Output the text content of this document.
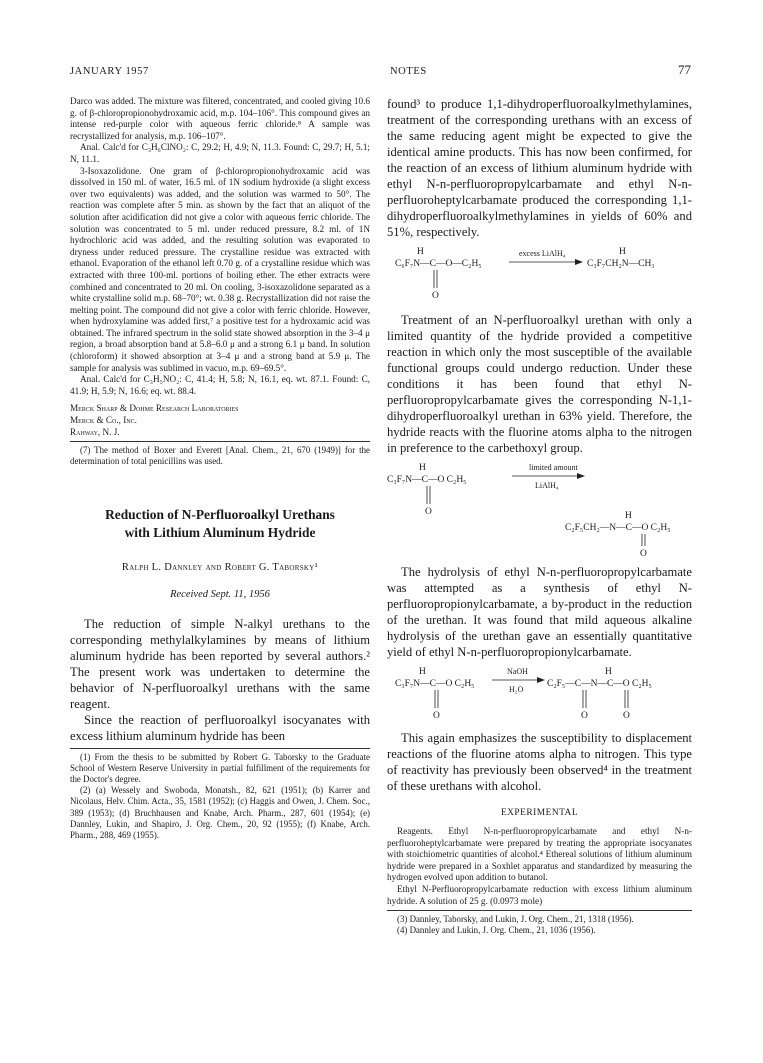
JANUARY 1957	NOTES	77

Darco was added. The mixture was filtered, concentrated, and cooled giving 10.6 g. of β-chloropropionohydroxamic acid, m.p. 104–106°. This compound gives an intense red-purple color with aqueous ferric chloride.⁸ A sample was recrystallized for analysis, m.p. 106–107°.

Anal. Calc'd for C₃H₆ClNO₂: C, 29.2; H, 4.9; N, 11.3. Found: C, 29.7; H, 5.1; N, 11.1.

3-Isoxazolidone. One gram of β-chloropropionohydroxamic acid was dissolved in 150 ml. of water, 16.5 ml. of 1N sodium hydroxide (a slight excess over two equivalents) was added, and the solution was warmed to 50°. The reaction was complete after 5 min. as shown by the fact that an aliquot of the solution after acidification did not give a color with aqueous ferric chloride. The solution was concentrated to 5 ml. under reduced pressure, 8.2 ml. of 1N hydrochloric acid was added, and the resulting solution was evaporated to dryness under reduced pressure. The crystalline residue was extracted with ethanol. Evaporation of the ethanol left 0.70 g. of a crystalline residue which was extracted with three 100-ml. portions of boiling ether. The ether extracts were combined and concentrated to 20 ml. On cooling, 3-isoxazolidone separated as a white crystalline solid m.p. 68–70°; wt. 0.38 g. Recrystallization did not raise the melting point. The compound did not give a color with ferric chloride. However, when hydroxylamine was added first,⁷ a positive test for a hydroxamic acid was obtained. The infrared spectrum in the solid state showed absorption in the 3–4 μ region, a broad absorption band at 5.8–6.0 μ and a strong 6.1 μ band. In solution (chloroform) it showed absorption at 3–4 μ and a strong band at 5.9 μ. The sample for analysis was sublimed in vacuo, m.p. 69–69.5°.

Anal. Calc'd for C₃H₅NO₂: C, 41.4; H, 5.8; N, 16.1, eq. wt. 87.1. Found: C, 41.9; H, 5.9; N, 16.6; eq. wt. 88.4.

Merck Sharp & Dohme Research Laboratories
Merck & Co., Inc.
Rahway, N. J.

(7) The method of Boxer and Everett [Anal. Chem., 21, 670 (1949)] for the determination of total penicillins was used.

Reduction of N-Perfluoroalkyl Urethans
with Lithium Aluminum Hydride
Ralph L. Dannley and Robert G. Taborsky¹
Received Sept. 11, 1956

The reduction of simple N-alkyl urethans to the corresponding methylalkylamines by means of lithium aluminum hydride has been reported by several authors.² The present work was undertaken to determine the behavior of N-perfluoroalkyl urethans with the same reagent.

Since the reaction of perfluoroalkyl isocyanates with excess lithium aluminum hydride has been

(1) From the thesis to be submitted by Robert G. Taborsky to the Graduate School of Western Reserve University in partial fulfillment of the requirements for the Doctor's degree.

(2) (a) Wessely and Swoboda, Monatsh., 82, 621 (1951); (b) Karrer and Nicolaus, Helv. Chim. Acta., 35, 1581 (1952); (c) Haggis and Owen, J. Chem. Soc., 389 (1953); (d) Bruchhausen and Knabe, Arch. Pharm., 287, 601 (1954); (e) Dannley, Lukin, and Shapiro, J. Org. Chem., 20, 92 (1955); (f) Knabe, Arch. Pharm., 288, 469 (1955).

found³ to produce 1,1-dihydroperfluoroalkylmethylamines, treatment of the corresponding urethans with an excess of the same reducing agent might be expected to give the identical amine products. This has now been confirmed, for the reaction of an excess of lithium aluminum hydride with ethyl N-n-perfluoropropylcarbamate and ethyl N-n-perfluoroheptylcarbamate produced the corresponding 1,1-dihydroperfluoroalkylmethylamines in yields of 60% and 51%, respectively.

H
C₆F₇N—C—O—C₂H₅
O
excess LiAlH₄	H
C₃F₇CH₂N—CH₃

Treatment of an N-perfluoroalkyl urethan with only a limited quantity of the hydride provided a competitive reaction in which only the most susceptible of the available functional groups could undergo reduction. Under these conditions it has been found that ethyl N-perfluoropropylcarbamate gives the corresponding N-1,1-dihydroperfluoroalkyl urethan in 63% yield. Therefore, the hydride reacts with the fluorine atoms alpha to the nitrogen in preference to the carbethoxyl group.

H
C₃F₇N—C—O C₂H₅
O
limited amount
LiAlH₄
H
C₂F₅CH₂—N—C—O C₂H₅
O

The hydrolysis of ethyl N-n-perfluoropropylcarbamate was attempted as a synthesis of ethyl N-perfluoropropionylcarbamate, a by-product in the reduction of the urethan. It was found that mild aqueous alkaline hydrolysis of the urethan gave an essentially quantitative yield of ethyl N-n-perfluoropropionylcarbamate.

H
C₃F₇N—C—O C₂H₅
O
NaOH
H₂O
H
C₂F₅—C—N—C—O C₂H₅
O	O

This again emphasizes the susceptibility to displacement reactions of the fluorine atoms alpha to nitrogen. This type of reactivity has previously been observed⁴ in the treatment of these urethans with alcohol.

EXPERIMENTAL

Reagents. Ethyl N-n-perfluoropropylcarbamate and ethyl N-n-perfluoroheptylcarbamate were prepared by treating the appropriate isocyanates with stoichiometric quantities of alcohol.⁴ Ethereal solutions of lithium aluminum hydride were prepared in a Soxhlet apparatus and standardized by measuring the hydrogen evolved upon addition to butanol.

Ethyl N-Perfluoropropylcarbamate reduction with excess lithium aluminum hydride. A solution of 25 g. (0.0973 mole)

(3) Dannley, Taborsky, and Lukin, J. Org. Chem., 21, 1318 (1956).

(4) Dannley and Lukin, J. Org. Chem., 21, 1036 (1956).
